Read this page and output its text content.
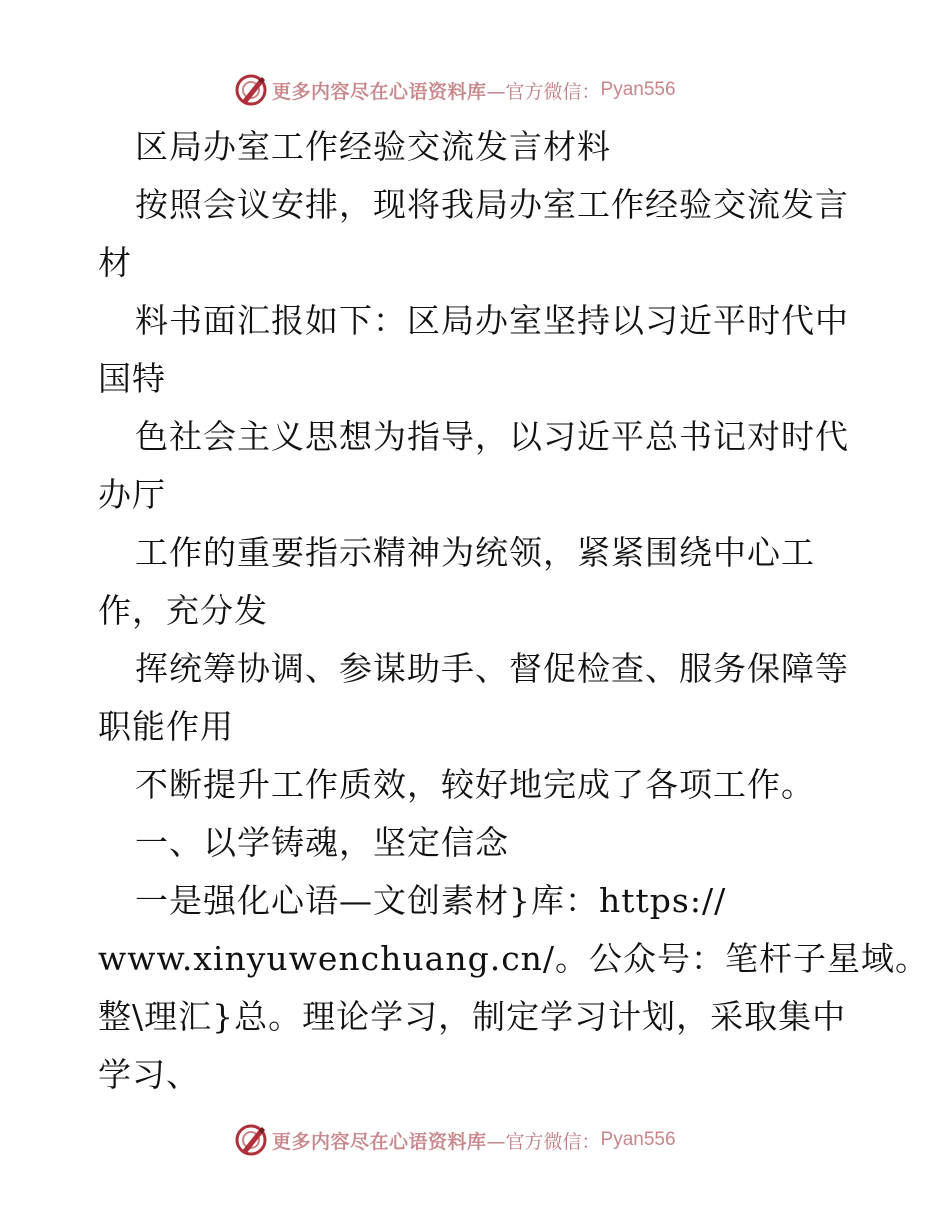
更多内容尽在心语资料库 —官方微信： Pyan556
区局办室工作经验交流发言材料
按照会议安排，现将我局办室工作经验交流发言
材
料书面汇报如下：区局办室坚持以习近平时代中
国特
色社会主义思想为指导，以习近平总书记对时代
办厅
工作的重要指示精神为统领，紧紧围绕中心工
作，充分发
挥统筹协调、参谋助手、督促检查、服务保障等
职能作用
不断提升工作质效，较好地完成了各项工作。
一、以学铸魂，坚定信念
一是强化心语—文创素材}库：https://
www.xinyuwenchuang.cn/。公众号：笔杆子星域。
整\理汇}总。理论学习，制定学习计划，采取集中
学习、
更多内容尽在心语资料库 —官方微信： Pyan556
